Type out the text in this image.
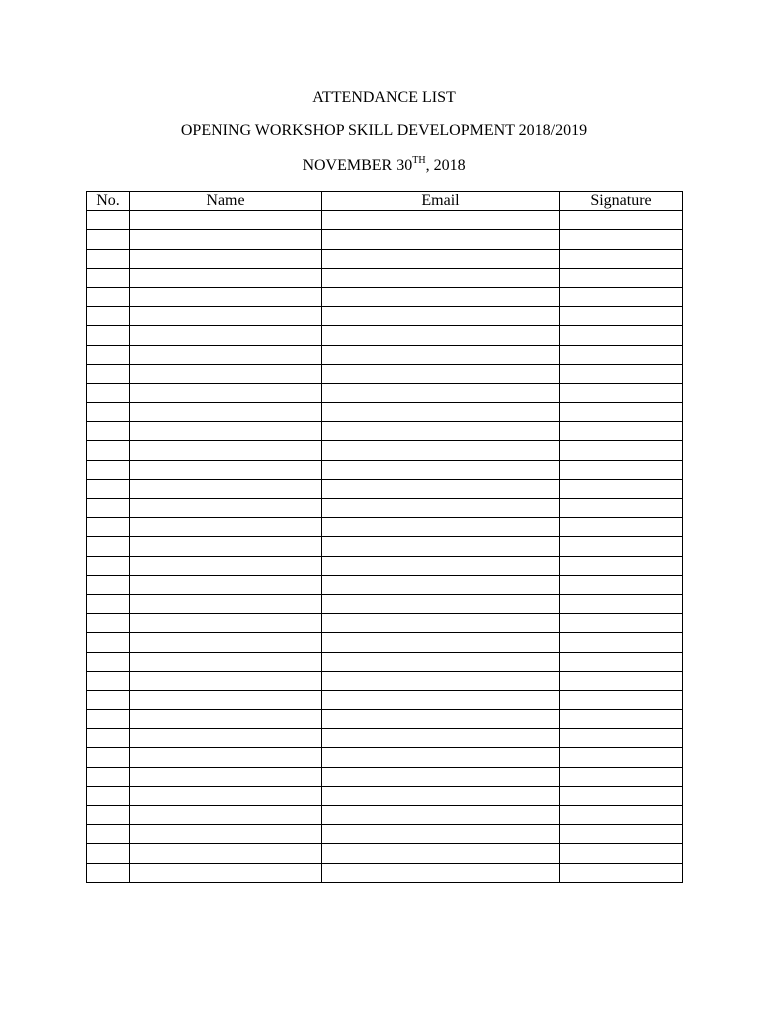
ATTENDANCE LIST
OPENING WORKSHOP SKILL DEVELOPMENT 2018/2019
NOVEMBER 30TH, 2018
No.	Name	Email	Signature
